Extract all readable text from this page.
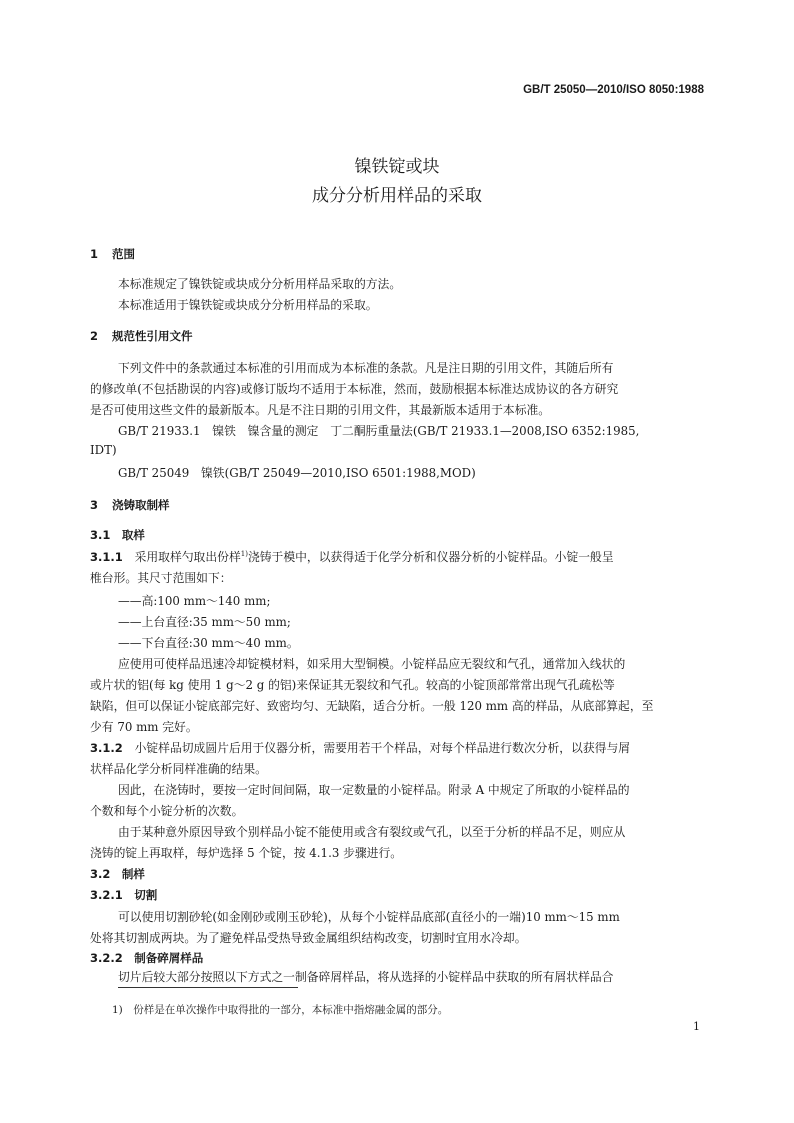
GB/T 25050—2010/ISO 8050:1988
镍铁锭或块
成分分析用样品的采取
1 范围
本标准规定了镍铁锭或块成分分析用样品采取的方法。
本标准适用于镍铁锭或块成分分析用样品的采取。
2 规范性引用文件
下列文件中的条款通过本标准的引用而成为本标准的条款。凡是注日期的引用文件，其随后所有
的修改单(不包括勘误的内容)或修订版均不适用于本标准，然而，鼓励根据本标准达成协议的各方研究
是否可使用这些文件的最新版本。凡是不注日期的引用文件，其最新版本适用于本标准。
GB/T 21933.1　镍铁　镍含量的测定　丁二酮肟重量法(GB/T 21933.1—2008,ISO 6352:1985,
IDT)
GB/T 25049　镍铁(GB/T 25049—2010,ISO 6501:1988,MOD)
3 浇铸取制样
3.1　 取样
3.1.1　 采用取样勺取出份样$^{1)}$浇铸于模中，以获得适于化学分析和仪器分析的小锭样品。小锭一般呈
椎台形。其尺寸范围如下：
——高:100 mm～140 mm;
——上台直径:35 mm～50 mm;
——下台直径:30 mm～40 mm。
应使用可使样品迅速冷却锭模材料，如采用大型铜模。小锭样品应无裂纹和气孔，通常加入线状的
或片状的铝(每 kg 使用 1 g～2 g 的铝)来保证其无裂纹和气孔。较高的小锭顶部常常出现气孔疏松等
缺陷，但可以保证小锭底部完好、致密均匀、无缺陷，适合分析。一般 120 mm 高的样品，从底部算起，至
少有 70 mm 完好。
3.1.2　 小锭样品切成圆片后用于仪器分析，需要用若干个样品，对每个样品进行数次分析，以获得与屑
状样品化学分析同样准确的结果。
因此，在浇铸时，要按一定时间间隔，取一定数量的小锭样品。附录 A 中规定了所取的小锭样品的
个数和每个小锭分析的次数。
由于某种意外原因导致个别样品小锭不能使用或含有裂纹或气孔，以至于分析的样品不足，则应从
浇铸的锭上再取样，每炉选择 5 个锭，按 4.1.3 步骤进行。
3.2　 制样
3.2.1　 切割
可以使用切割砂轮(如金刚砂或刚玉砂轮)，从每个小锭样品底部(直径小的一端)10 mm～15 mm
处将其切割成两块。为了避免样品受热导致金属组织结构改变，切割时宜用水冷却。
3.2.2　 制备碎屑样品
切片后较大部分按照以下方式之一制备碎屑样品，将从选择的小锭样品中获取的所有屑状样品合
1)　 份样是在单次操作中取得批的一部分，本标准中指熔融金属的部分。
1
